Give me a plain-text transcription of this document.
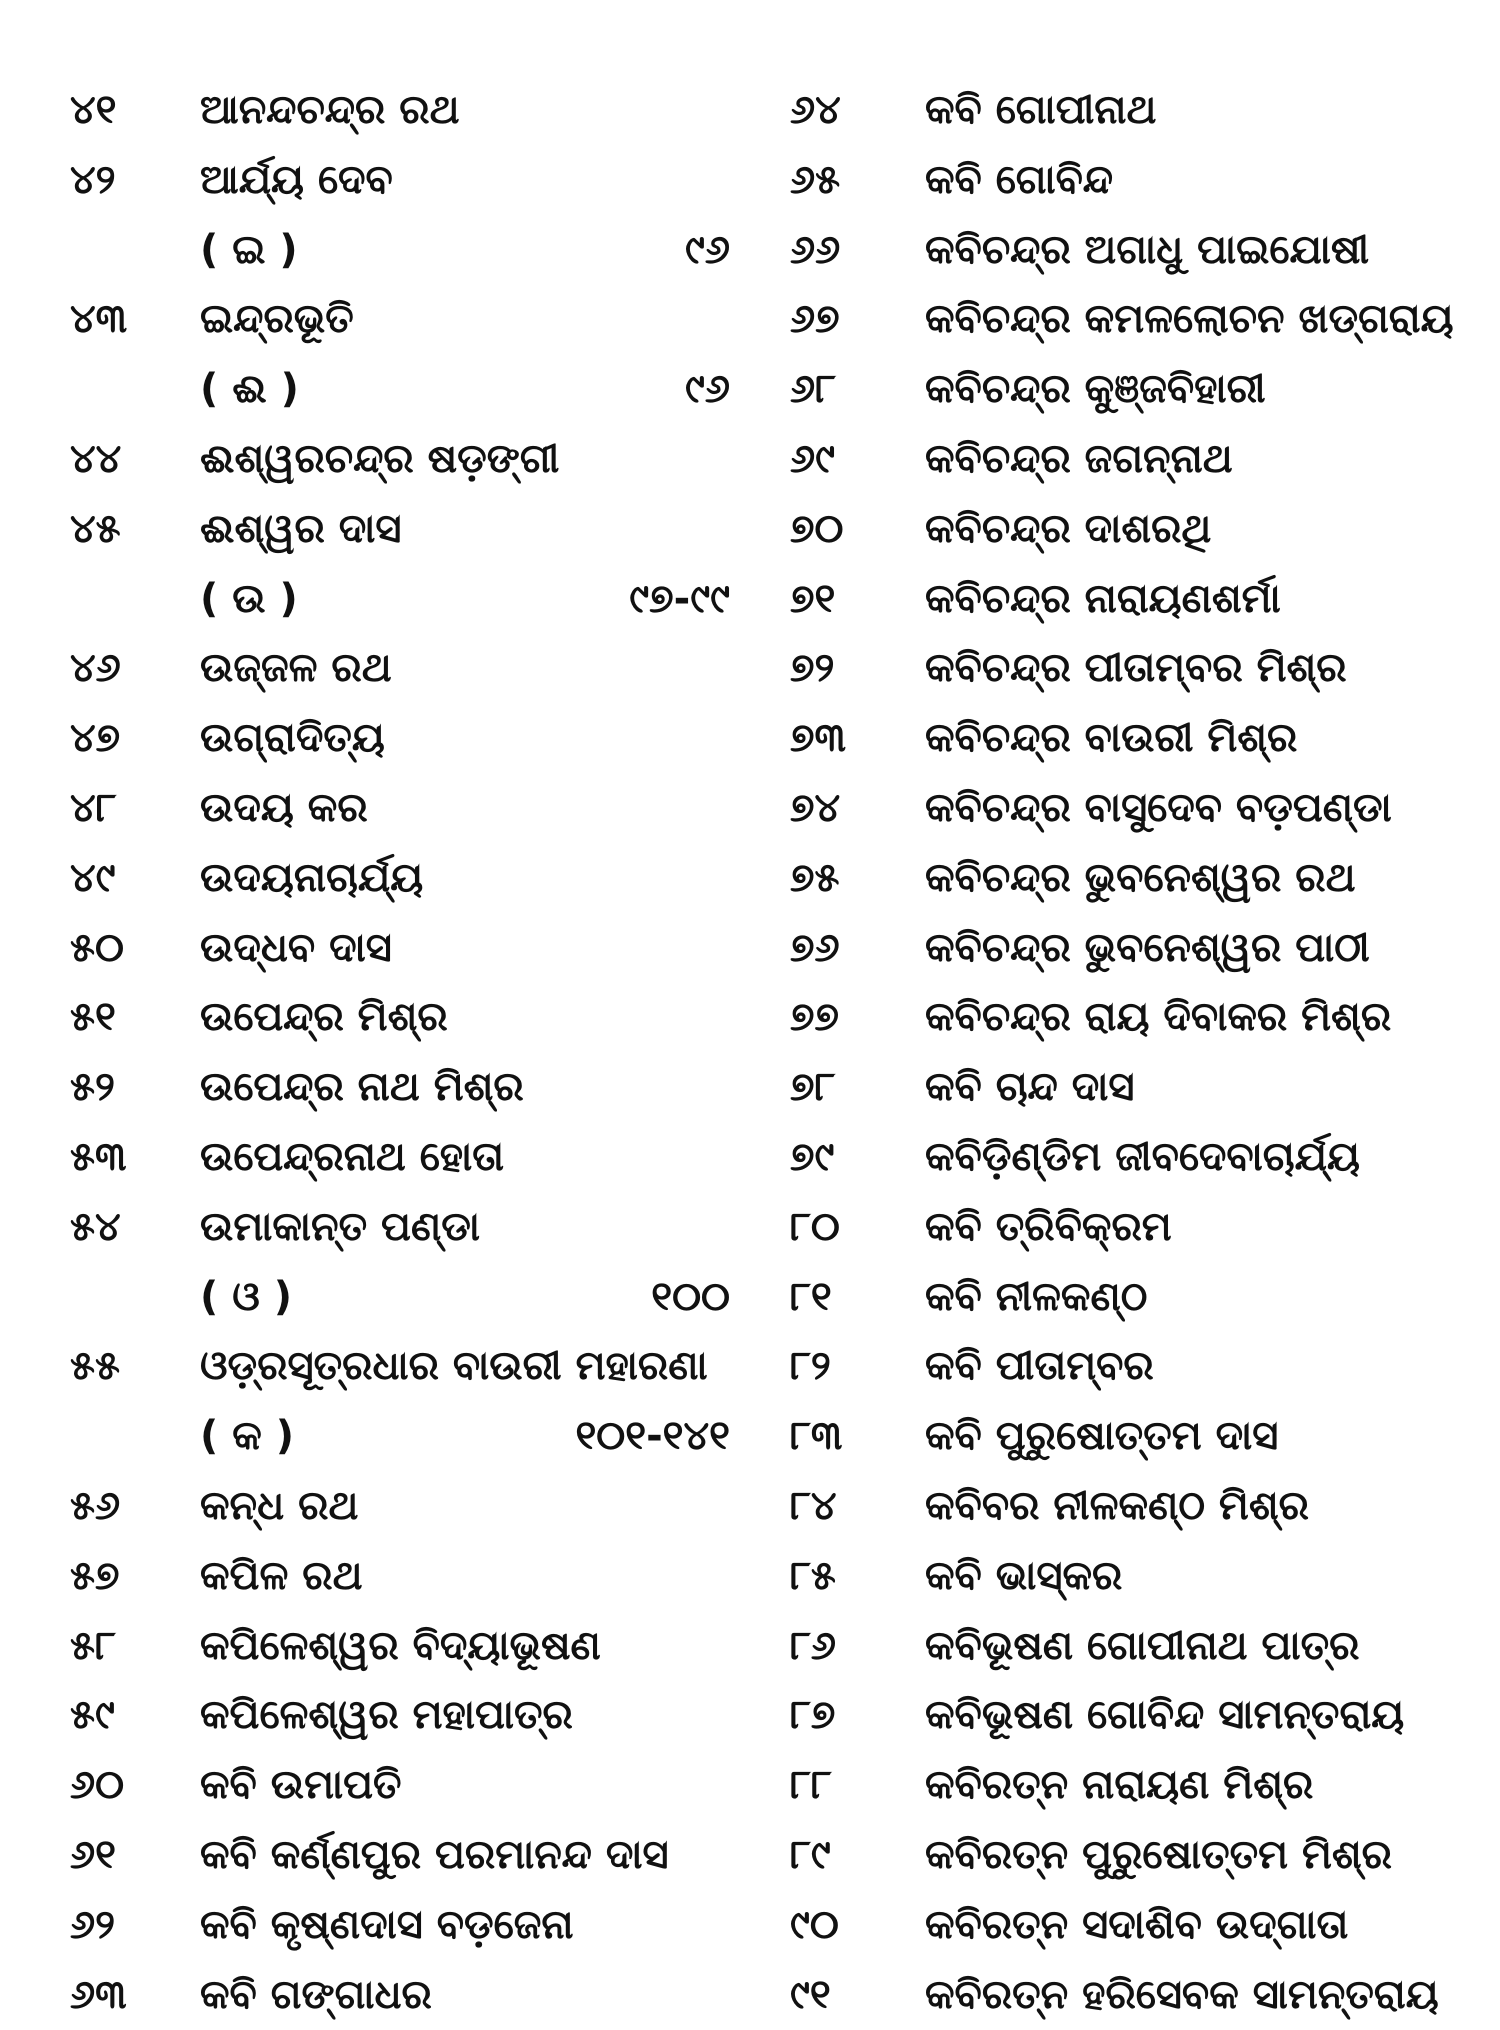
୪୧	ଆନନ୍ଦଚନ୍ଦ୍ର ରଥ
୪୨	ଆର୍ଯ୍ୟ ଦେବ
( ଇ )	୯୬
୪୩	ଇନ୍ଦ୍ରଭୂତି
( ଈ )	୯୬
୪୪	ଈଶ୍ୱରଚନ୍ଦ୍ର ଷଡ଼ଙ୍ଗୀ
୪୫	ଈଶ୍ୱର ଦାସ
( ଉ )	୯୭-୯୯
୪୬	ଉଜ୍ଜଳ ରଥ
୪୭	ଉଗ୍ରାଦିତ୍ୟ
୪୮	ଉଦୟ କର
୪୯	ଉଦୟନାଚାର୍ଯ୍ୟ
୫୦	ଉଦ୍ଧବ ଦାସ
୫୧	ଉପେନ୍ଦ୍ର ମିଶ୍ର
୫୨	ଉପେନ୍ଦ୍ର ନାଥ ମିଶ୍ର
୫୩	ଉପେନ୍ଦ୍ରନାଥ ହୋତା
୫୪	ଉମାକାନ୍ତ ପଣ୍ଡା
( ଓ )	୧୦୦
୫୫	ଓଡ଼୍ରସୂତ୍ରଧାର ବାଉରୀ ମହାରଣା
( କ )	୧୦୧-୧୪୧
୫୬	କନ୍ଧ ରଥ
୫୭	କପିଳ ରଥ
୫୮	କପିଳେଶ୍ୱର ବିଦ୍ୟାଭୂଷଣ
୫୯	କପିଳେଶ୍ୱର ମହାପାତ୍ର
୬୦	କବି ଉମାପତି
୬୧	କବି କର୍ଣ୍ଣପୁର ପରମାନନ୍ଦ ଦାସ
୬୨	କବି କୃଷ୍ଣଦାସ ବଡ଼ଜେନା
୬୩	କବି ଗଙ୍ଗାଧର
୬୪	କବି ଗୋପୀନାଥ
୬୫	କବି ଗୋବିନ୍ଦ
୬୬	କବିଚନ୍ଦ୍ର ଅଗାଧୁ ପାଇଯୋଷୀ
୬୭	କବିଚନ୍ଦ୍ର କମଳଲୋଚନ ଖଡ୍ଗରାୟ
୬୮	କବିଚନ୍ଦ୍ର କୁଞ୍ଜବିହାରୀ
୬୯	କବିଚନ୍ଦ୍ର ଜଗନ୍ନାଥ
୭୦	କବିଚନ୍ଦ୍ର ଦାଶରଥି
୭୧	କବିଚନ୍ଦ୍ର ନାରାୟଣଶର୍ମା
୭୨	କବିଚନ୍ଦ୍ର ପୀତାମ୍ବର ମିଶ୍ର
୭୩	କବିଚନ୍ଦ୍ର ବାଉରୀ ମିଶ୍ର
୭୪	କବିଚନ୍ଦ୍ର ବାସୁଦେବ ବଡ଼ପଣ୍ଡା
୭୫	କବିଚନ୍ଦ୍ର ଭୁବନେଶ୍ୱର ରଥ
୭୬	କବିଚନ୍ଦ୍ର ଭୁବନେଶ୍ୱର ପାଠୀ
୭୭	କବିଚନ୍ଦ୍ର ରାୟ ଦିବାକର ମିଶ୍ର
୭୮	କବି ଚାନ୍ଦ ଦାସ
୭୯	କବିଡ଼ିଣ୍ଡିମ ଜୀବଦେବାଚାର୍ଯ୍ୟ
୮୦	କବି ତ୍ରିବିକ୍ରମ
୮୧	କବି ନୀଳକଣ୍ଠ
୮୨	କବି ପୀତାମ୍ବର
୮୩	କବି ପୁରୁଷୋତ୍ତମ ଦାସ
୮୪	କବିବର ନୀଳକଣ୍ଠ ମିଶ୍ର
୮୫	କବି ଭାସ୍କର
୮୬	କବିଭୂଷଣ ଗୋପୀନାଥ ପାତ୍ର
୮୭	କବିଭୂଷଣ ଗୋବିନ୍ଦ ସାମନ୍ତରାୟ
୮୮	କବିରତ୍ନ ନାରାୟଣ ମିଶ୍ର
୮୯	କବିରତ୍ନ ପୁରୁଷୋତ୍ତମ ମିଶ୍ର
୯୦	କବିରତ୍ନ ସଦାଶିବ ଉଦ୍‌ଗାତା
୯୧	କବିରତ୍ନ ହରିସେବକ ସାମନ୍ତରାୟ
